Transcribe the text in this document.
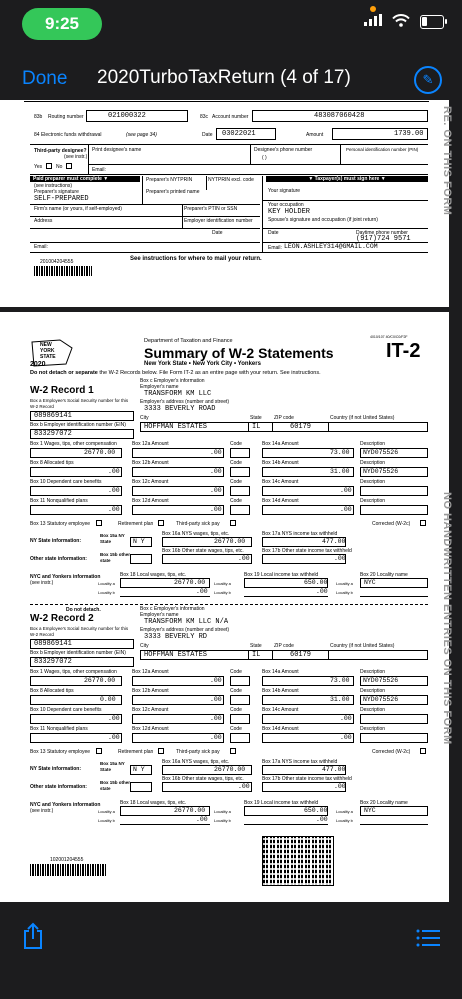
9:25
Done 2020TurboTaxReturn (4 of 17)	✎
RE. ON THIS FORM
83b Routing number	021000322	83c Account number	483087060428
84 Electronic funds withdrawal	(see page 34)	Date 03022021	Amount	1739.00
Third-party designee?
(see instr.)
Yes	No
Print designee's name	Designee's phone number
( )
Personal identification number (PIN)
Email:
Paid preparer must complete ▼
(see instructions)
Preparer's NYTPRIN	NYTPRIN excl. code
Preparer's signature	Preparer's printed name
SELF-PREPARED
Firm's name (or yours, if self-employed)	Preparer's PTIN or SSN
Address	Employer identification number
Date
Email:
▼ Taxpayer(s) must sign here ▼
Your signature
Your occupation
KEY HOLDER
Spouse's signature and occupation (if joint return)
Date	Daytime phone number
(917)724 9571
Email: LEON.ASHLEY314@GMAIL.COM
201004204555	See instructions for where to mail your return.
NO HANDWRITTEN ENTRIES ON THIS FORM
4010/107 40/C0/C0/F2F
NEW
YORK
STATE
2020
Department of Taxation and Finance
Summary of W-2 Statements
New York State • New York City • Yonkers
IT-2
Do not detach or separate the W-2 Records below. File Form IT-2 as an entire page with your return. See instructions.
Box c Employer's information
Employer's name
TRANSFORM KM LLC
W-2 Record 1
Box a Employee's Social Security number for this W-2 Record
Employer's address (number and street)
3333 BEVERLY ROAD
089869141
Box b Employer identification number (EIN)
City	State ZIP code	Country (if not United States)
HOFFMAN ESTATES	IL	60179
833297072
Box 1 Wages, tips, other compensation
26770.00
Box 8 Allocated tips
.00
Box 10 Dependent care benefits
.00
Box 11 Nonqualified plans
.00
Box 12a Amount	Code
.00
Box 12b Amount	Code
.00
Box 12c Amount	Code
.00
Box 12d Amount	Code
.00
Box 14a Amount	Description
73.00 NYD075526
Box 14b Amount	Description
31.00 NYD075526
Box 14c Amount	Description
.00
Box 14d Amount	Description
.00
Box 13 Statutory employee	Retirement plan	Third-party sick pay	Corrected (W-2c)
NY State information:
Box 15a NY State	N Y
Box 16a NYS wages, tips, etc.
26770.00
Box 17a NYS income tax withheld
477.00
Other state information:
Box 15b other state
Box 16b Other state wages, tips, etc.
.00
Box 17b Other state income tax withheld
.00
NYC and Yonkers information
(see instr.)
Box 18 Local wages, tips, etc.	Box 19 Local income tax withheld	Box 20 Locality name
Locality a	26770.00 Locality a	650.00 Locality a NYC
Locality b	.00 Locality b	.00 Locality b
Do not detach.	Box c Employer's information
Employer's name
TRANSFORM KM LLC N/A
W-2 Record 2
Box a Employee's Social Security number for this W-2 Record
Employer's address (number and street)
3333 BEVERLY RD
089869141
Box b Employer identification number (EIN)
City	State ZIP code	Country (if not United States)
HOFFMAN ESTATES	IL	60179
833297072
Box 1 Wages, tips, other compensation
26770.00
Box 8 Allocated tips
0.00
Box 10 Dependent care benefits
.00
Box 11 Nonqualified plans
.00
Box 12a Amount	Code
.00
Box 12b Amount	Code
.00
Box 12c Amount	Code
.00
Box 12d Amount	Code
.00
Box 14a Amount	Description
73.00 NYD075526
Box 14b Amount	Description
31.00 NYD075526
Box 14c Amount	Description
.00
Box 14d Amount	Description
.00
Box 13 Statutory employee	Retirement plan	Third-party sick pay	Corrected (W-2c)
NY State information:
Box 15a NY State	N Y
Box 16a NYS wages, tips, etc.
26770.00
Box 17a NYS income tax withheld
477.00
Other state information:
Box 15b other state
Box 16b Other state wages, tips, etc.
.00
Box 17b Other state income tax withheld
.00
NYC and Yonkers information
(see instr.)
Box 18 Local wages, tips, etc.	Box 19 Local income tax withheld	Box 20 Locality name
Locality a	26770.00 Locality a	650.00 Locality a NYC
Locality b	.00 Locality b	.00 Locality b
102001204555
